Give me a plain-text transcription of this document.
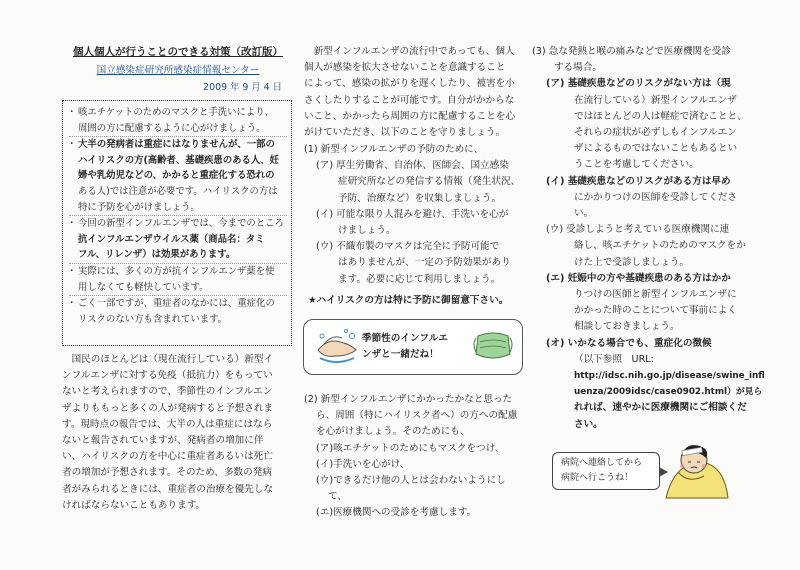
個人個人が行うことのできる対策（改訂版）
国立感染症研究所感染症情報センター
2009 年 9 月 4 日
・ 咳エチケットのためのマスクと手洗いにより、
周囲の方に配慮するように心がけましょう。
・ 大半の発病者は重症にはなりませんが、一部の
ハイリスクの方(高齢者、基礎疾患のある人、妊
婦や乳幼児などの、かかると重症化する恐れの
ある人)では注意が必要です。ハイリスクの方は
特に予防を心がけましょう。
・ 今回の新型インフルエンザでは、今までのところ
抗インフルエンザウイルス薬（商品名：タミ
フル、リレンザ）は効果があります。
・ 実際には、多くの方が抗インフルエンザ薬を使
用しなくても軽快しています。
・ ごく一部ですが、重症者のなかには、重症化の
リスクのない方も含まれています。
国民のほとんどは（現在流行している）新型イ
ンフルエンザに対する免疫（抵抗力）をもってい
ないと考えられますので、季節性のインフルエン
ザよりももっと多くの人が発病すると予想されま
す。現時点の報告では、大半の人は重症にはなら
ないと報告されていますが、発病者の増加に伴
い、ハイリスクの方を中心に重症者あるいは死亡
者の増加が予想されます。そのため、多数の発病
者がみられるときには、重症者の治療を優先しな
ければならないこともあります。
新型インフルエンザの流行中であっても、個人
個人が感染を拡大させないことを意識すること
によって、感染の拡がりを遅くしたり、被害を小
さくしたりすることが可能です。自分がかからな
いこと、かかったら周囲の方に配慮することを心
がけていただき、以下のことを守りましょう。
(1) 新型インフルエンザの予防のために、
(ア) 厚生労働省、自治体、医師会、国立感染
症研究所などの発信する情報（発生状況、
予防、治療など）を収集しましょう。
(イ) 可能な限り人混みを避け、手洗いを心が
けましょう。
(ウ) 不織布製のマスクは完全に予防可能で
はありませんが、一定の予防効果があり
ます。必要に応じて利用しましょう。
★ハイリスクの方は特に予防に御留意下さい。
季節性のインフルエ
ンザと一緒だね！
(2) 新型インフルエンザにかかったかなと思った
ら、周囲（特にハイリスク者へ）の方への配慮
を心がけましょう。そのためにも、
(ア)咳エチケットのためにもマスクをつけ、
(イ)手洗いを心がけ、
(ウ)できるだけ他の人とは会わないようにし
て、
(エ)医療機関への受診を考慮します。
(3) 急な発熱と喉の痛みなどで医療機関を受診
する場合。
(ア) 基礎疾患などのリスクがない方は（現
在流行している）新型インフルエンザ
ではほとんどの人は軽症で済むことと、
それらの症状が必ずしもインフルエン
ザによるものではないこともあるとい
うことを考慮してください。
(イ) 基礎疾患などのリスクがある方は早め
にかかりつけの医師を受診してくださ
い。
(ウ) 受診しようと考えている医療機関に連
絡し、咳エチケットのためのマスクをか
けた上で受診しましょう。
(エ) 妊娠中の方や基礎疾患のある方はかか
りつけの医師と新型インフルエンザに
かかった時のことについて事前によく
相談しておきましょう。
(オ) いかなる場合でも、重症化の徴候
（以下参照　URL:
http://idsc.nih.go.jp/disease/swine_infl
uenza/2009idsc/case0902.html）が見ら
れれば、速やかに医療機関にご相談くだ
さい。
病院へ連絡してから
病院へ行こうね！
